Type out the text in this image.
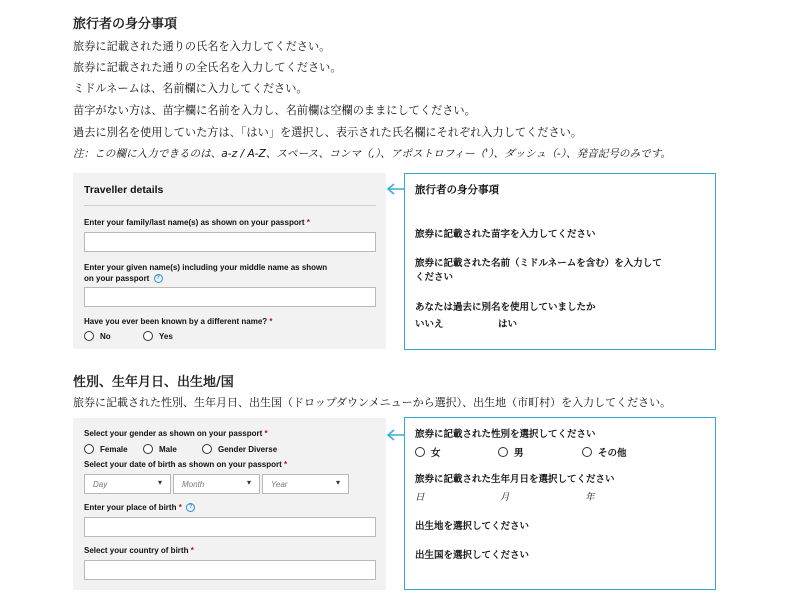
旅行者の身分事項
旅券に記載された通りの氏名を入力してください。
旅券に記載された通りの全氏名を入力してください。
ミドルネームは、名前欄に入力してください。
苗字がない方は、苗字欄に名前を入力し、名前欄は空欄のままにしてください。
過去に別名を使用していた方は、「はい」を選択し、表示された氏名欄にそれぞれ入力してください。
注：この欄に入力できるのは、a-z / A-Z、スペース、コンマ（,）、アポストロフィー（'）、ダッシュ（-）、発音記号のみです。
Traveller details
Enter your family/last name(s) as shown on your passport *
Enter your given name(s) including your middle name as shown
on your passport ?
Have you ever been known by a different name? *
No	Yes
旅行者の身分事項
旅券に記載された苗字を入力してください
旅券に記載された名前（ミドルネームを含む）を入力して
ください
あなたは過去に別名を使用していましたか
いいえ	はい
性別、生年月日、出生地/国
旅券に記載された性別、生年月日、出生国（ドロップダウンメニューから選択）、出生地（市町村）を入力してください。
Select your gender as shown on your passport *
Female	Male	Gender Diverse
Select your date of birth as shown on your passport *
Day	▾	Month	▾	Year	▾
Enter your place of birth * ?
Select your country of birth *
旅券に記載された性別を選択してください
女	男	その他
旅券に記載された生年月日を選択してください
日	月	年
出生地を選択してください
出生国を選択してください
